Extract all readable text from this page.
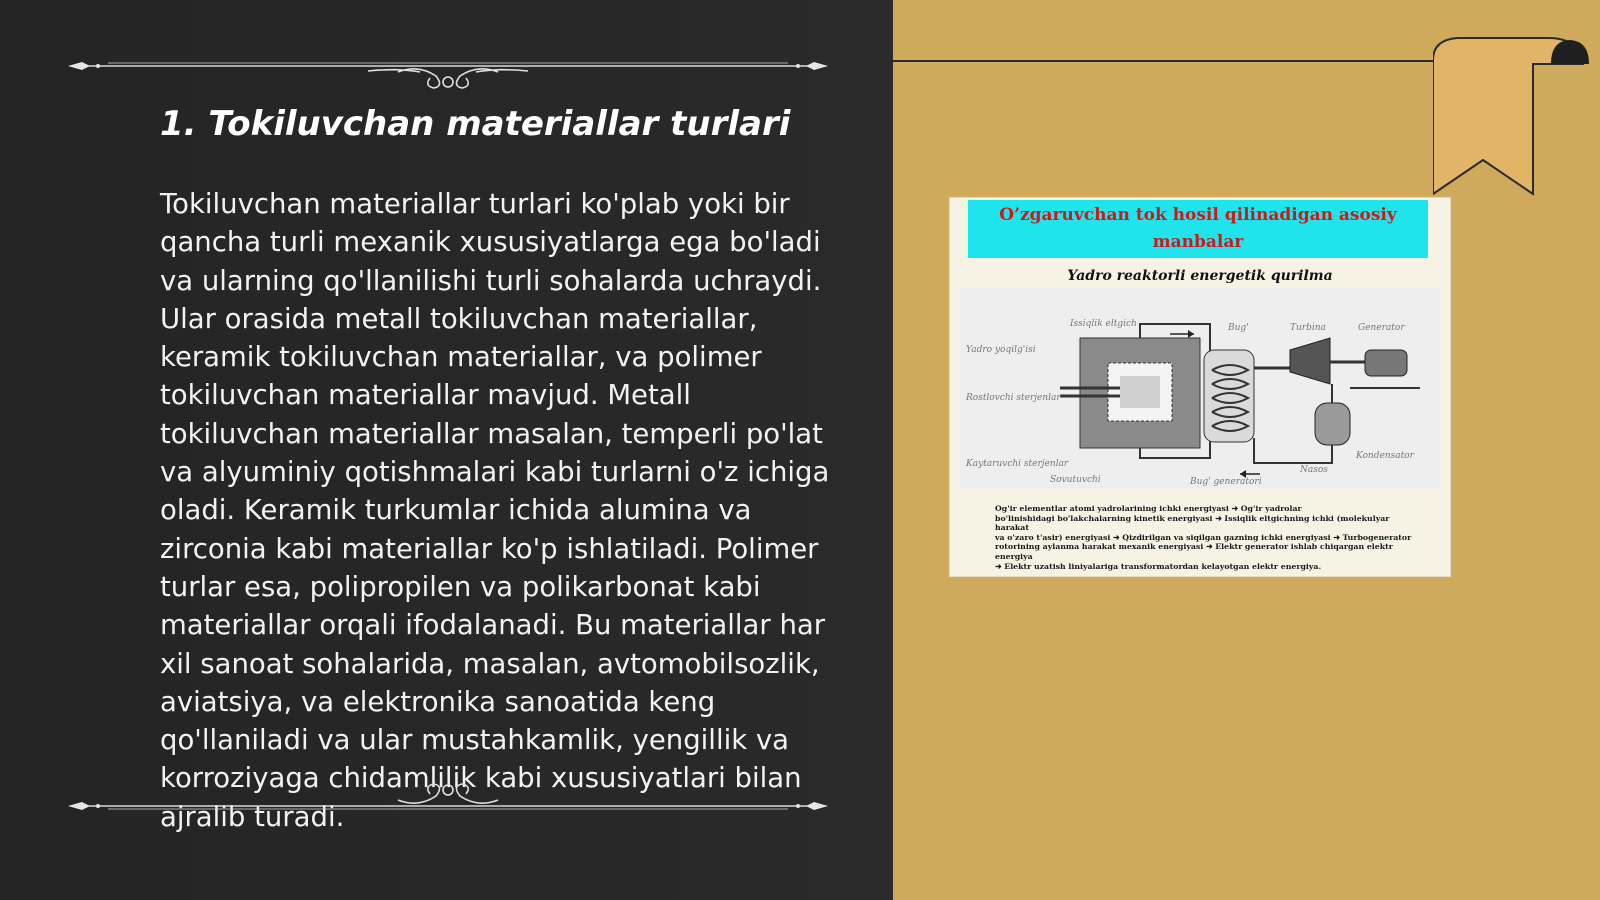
1. Tokiluvchan materiallar turlari

Tokiluvchan materiallar turlari ko'plab yoki bir qancha turli mexanik xususiyatlarga ega bo'ladi va ularning qo'llanilishi turli sohalarda uchraydi. Ular orasida metall tokiluvchan materiallar, keramik tokiluvchan materiallar, va polimer tokiluvchan materiallar mavjud. Metall tokiluvchan materiallar masalan, temperli po'lat va alyuminiy qotishmalari kabi turlarni o'z ichiga oladi. Keramik turkumlar ichida alumina va zirconia kabi materiallar ko'p ishlatiladi. Polimer turlar esa, polipropilen va polikarbonat kabi materiallar orqali ifodalanadi. Bu materiallar har xil sanoat sohalarida, masalan, avtomobilsozlik, aviatsiya, va elektronika sanoatida keng qo'llaniladi va ular mustahkamlik, yengillik va korroziyaga chidamlilik kabi xususiyatlari bilan ajralib turadi.

O’zgaruvchan tok hosil qilinadigan asosiy manbalar
Yadro reaktorli energetik qurilma
Issiqlik eltgich	Bug'	Turbina	Generator
Yadro yoqilg'isi
Rostlovchi sterjenlar
Kaytaruvchi sterjenlar
Sovutuvchi	Bug' generatori
Nasos
Kondensator
Og'ir elementlar atomi yadrolarining ichki energiyasi ➜ Og'ir yadrolar
bo'linishidagi bo'lakchalarning kinetik energiyasi ➜ Issiqlik eltgichning ichki (molekulyar harakat
va o'zaro t'asir) energiyasi ➜ Qizdirilgan va siqilgan gazning ichki energiyasi ➜ Turbogenerator
rotorining aylanma harakat mexanik energiyasi ➜ Elektr generator ishlab chiqargan elektr energiya
➜ Elektr uzatish liniyalariga transformatordan kelayotgan elektr energiya.
